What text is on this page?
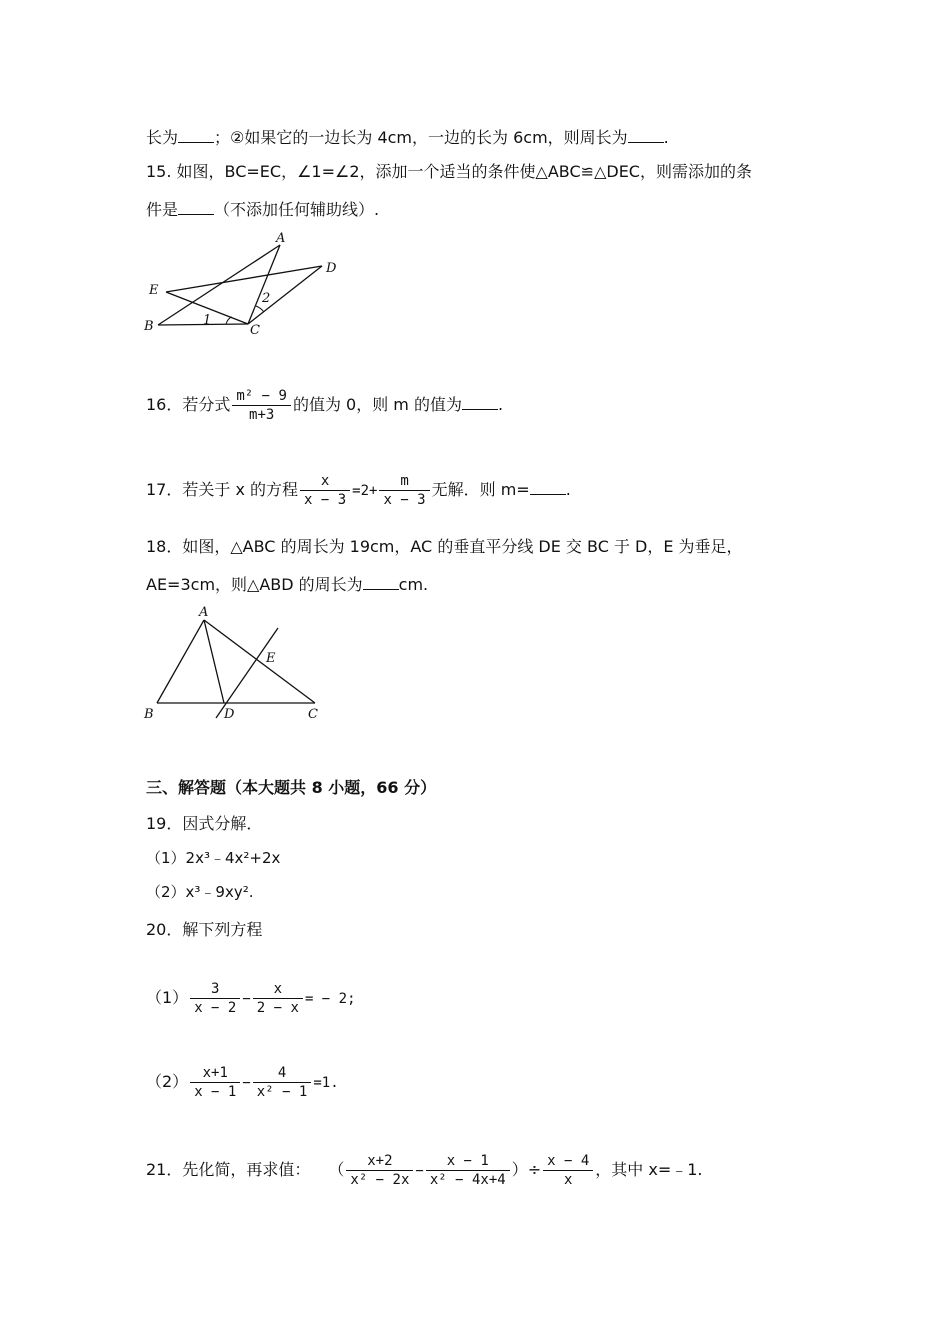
长为 ；②如果它的一边长为 4cm，一边的长为 6cm，则周长为 .
15. 如图，BC=EC，∠1=∠2，添加一个适当的条件使△ABC≌△DEC，则需添加的条
件是 （不添加任何辅助线）.
A
D
E
B	C
1
2
16．若分式 $\frac{\text{m² − 9}}{m+3}$ 的值为 0，则 m 的值为 .
17．若关于 x 的方程 $\frac{x}{x - 3} =2+ \frac{m}{x - 3}$ 无解．则 m= .
18．如图，△ABC 的周长为 19cm，AC 的垂直平分线 DE 交 BC 于 D，E 为垂足，
AE=3cm，则△ABD 的周长为 cm.
A
B	C
D
E
三、解答题（本大题共 8 小题，66 分）
19．因式分解．
（1）2x³﹣4x²+2x
（2）x³﹣9xy².
20．解下列方程
$(1) \frac{3}{x - 2} - \frac{x}{2 - x}$ = − 2;
$(2) \frac{x+1}{x - 1} - \frac{4}{\text{x² − 1}} =1$.
21．先化简，再求值： （ $\frac{x+2}{\text{x² − 2x}} - \frac{x - 1}{\text{x² − 4x+4}}$ ）÷ $\frac{x - 4}{x}$ ，其中 x=﹣1.
